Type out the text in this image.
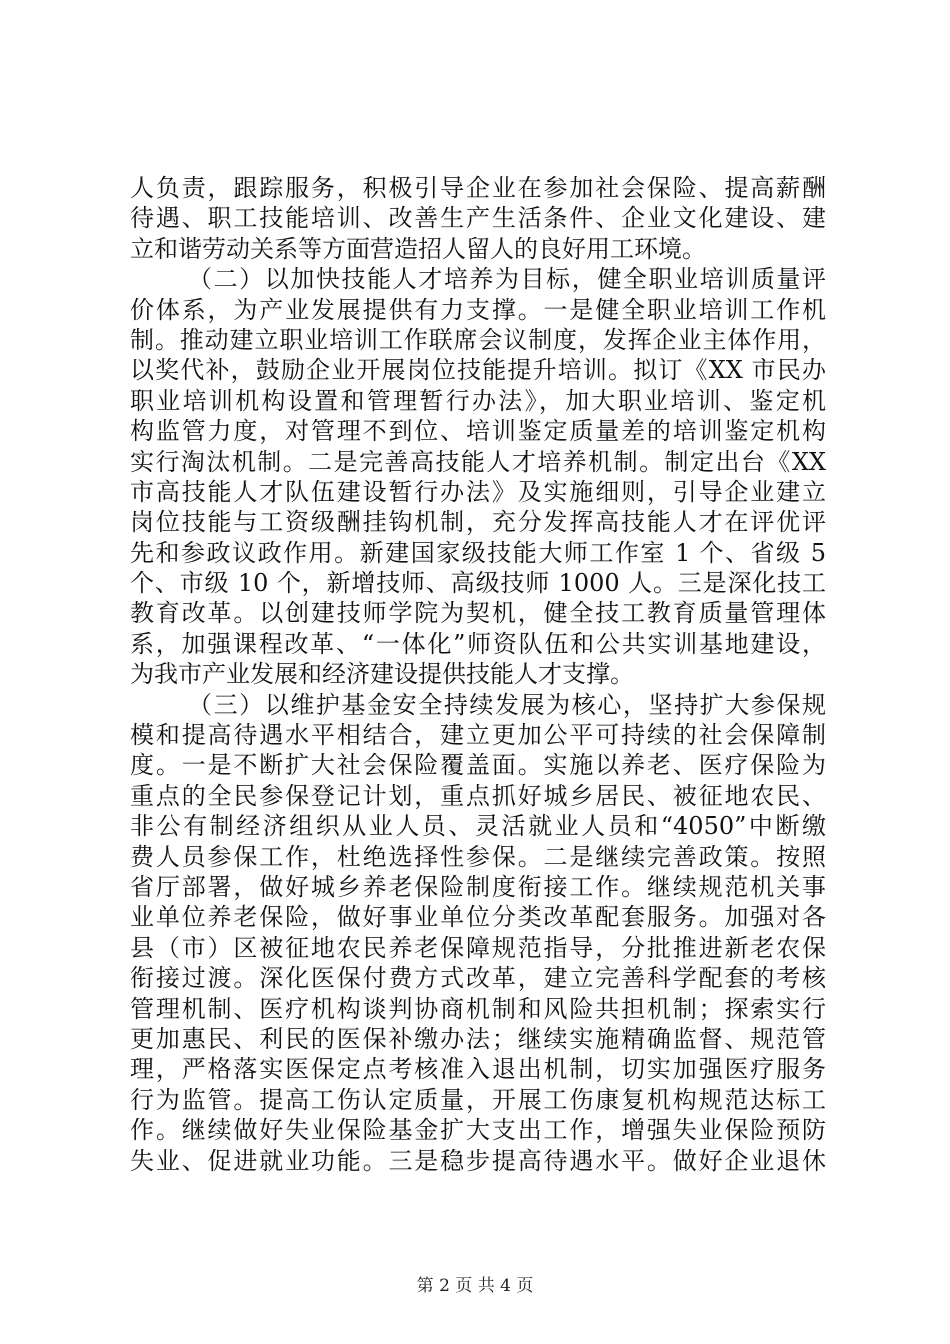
人负责，跟踪服务，积极引导企业在参加社会保险、提高薪酬
待遇、职工技能培训、改善生产生活条件、企业文化建设、建
立和谐劳动关系等方面营造招人留人的良好用工环境。
（二）以加快技能人才培养为目标，健全职业培训质量评
价体系，为产业发展提供有力支撑。一是健全职业培训工作机
制。推动建立职业培训工作联席会议制度，发挥企业主体作用，
以奖代补，鼓励企业开展岗位技能提升培训。拟订《XX 市民办
职业培训机构设置和管理暂行办法》，加大职业培训、鉴定机
构监管力度，对管理不到位、培训鉴定质量差的培训鉴定机构
实行淘汰机制。二是完善高技能人才培养机制。制定出台《XX
市高技能人才队伍建设暂行办法》及实施细则，引导企业建立
岗位技能与工资级酬挂钩机制，充分发挥高技能人才在评优评
先和参政议政作用。新建国家级技能大师工作室 1 个、省级 5
个、市级 10 个，新增技师、高级技师 1000 人。三是深化技工
教育改革。以创建技师学院为契机，健全技工教育质量管理体
系，加强课程改革、“一体化”师资队伍和公共实训基地建设，
为我市产业发展和经济建设提供技能人才支撑。
（三）以维护基金安全持续发展为核心，坚持扩大参保规
模和提高待遇水平相结合，建立更加公平可持续的社会保障制
度。一是不断扩大社会保险覆盖面。实施以养老、医疗保险为
重点的全民参保登记计划，重点抓好城乡居民、被征地农民、
非公有制经济组织从业人员、灵活就业人员和“4050”中断缴
费人员参保工作，杜绝选择性参保。二是继续完善政策。按照
省厅部署，做好城乡养老保险制度衔接工作。继续规范机关事
业单位养老保险，做好事业单位分类改革配套服务。加强对各
县（市）区被征地农民养老保障规范指导，分批推进新老农保
衔接过渡。深化医保付费方式改革，建立完善科学配套的考核
管理机制、医疗机构谈判协商机制和风险共担机制；探索实行
更加惠民、利民的医保补缴办法；继续实施精确监督、规范管
理，严格落实医保定点考核准入退出机制，切实加强医疗服务
行为监管。提高工伤认定质量，开展工伤康复机构规范达标工
作。继续做好失业保险基金扩大支出工作，增强失业保险预防
失业、促进就业功能。三是稳步提高待遇水平。做好企业退休
第 2 页 共 4 页
